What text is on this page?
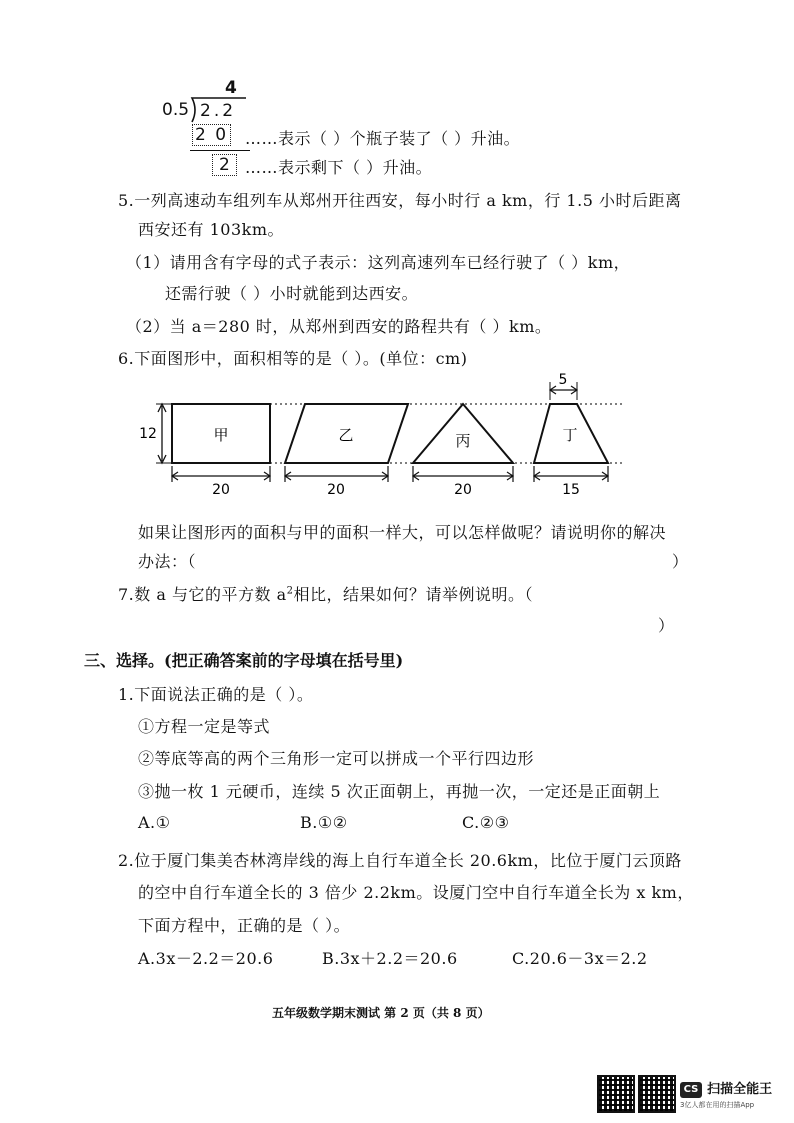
4
0.5 2.2
2 0 ……表示（ ）个瓶子装了（ ）升油。
2 ……表示剩下（ ）升油。
5.一列高速动车组列车从郑州开往西安，每小时行 a km，行 1.5 小时后距离
西安还有 103km。
（1）请用含有字母的式子表示：这列高速列车已经行驶了（ ）km，
还需行驶（ ）小时就能到达西安。
（2）当 a＝280 时，从郑州到西安的路程共有（ ）km。
6.下面图形中，面积相等的是（ ）。(单位：cm)
12	甲	乙	丙	丁
5
20	20	20	15
如果让图形丙的面积与甲的面积一样大，可以怎样做呢？请说明你的解决
办法：（	）
7.数 a 与它的平方数 $a^2$相比，结果如何？请举例说明。（
）
三、选择。(把正确答案前的字母填在括号里)
1.下面说法正确的是（ ）。
①方程一定是等式
②等底等高的两个三角形一定可以拼成一个平行四边形
③抛一枚 1 元硬币，连续 5 次正面朝上，再抛一次，一定还是正面朝上
A.①	B.①②	C.②③
2.位于厦门集美杏林湾岸线的海上自行车道全长 20.6km，比位于厦门云顶路
的空中自行车道全长的 3 倍少 2.2km。设厦门空中自行车道全长为 x km，
下面方程中，正确的是（ ）。
A.3x－2.2＝20.6	B.3x＋2.2＝20.6	C.20.6－3x＝2.2
五年级数学期末测试 第 2 页（共 8 页）
CS 扫描全能王
3亿人都在用的扫描App
